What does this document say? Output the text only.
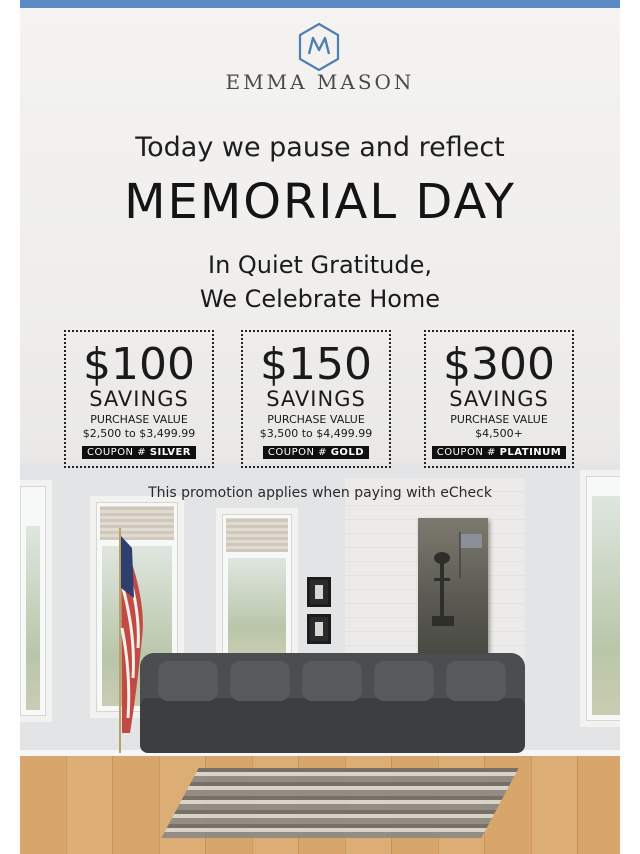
EMMA MASON
Today we pause and reflect
MEMORIAL DAY
In Quiet Gratitude,
We Celebrate Home
$100
SAVINGS
PURCHASE VALUE
$2,500 to $3,499.99
COUPON # SILVER
$150
SAVINGS
PURCHASE VALUE
$3,500 to $4,499.99
COUPON # GOLD
$300
SAVINGS
PURCHASE VALUE
$4,500+
COUPON # PLATINUM
This promotion applies when paying with eCheck
